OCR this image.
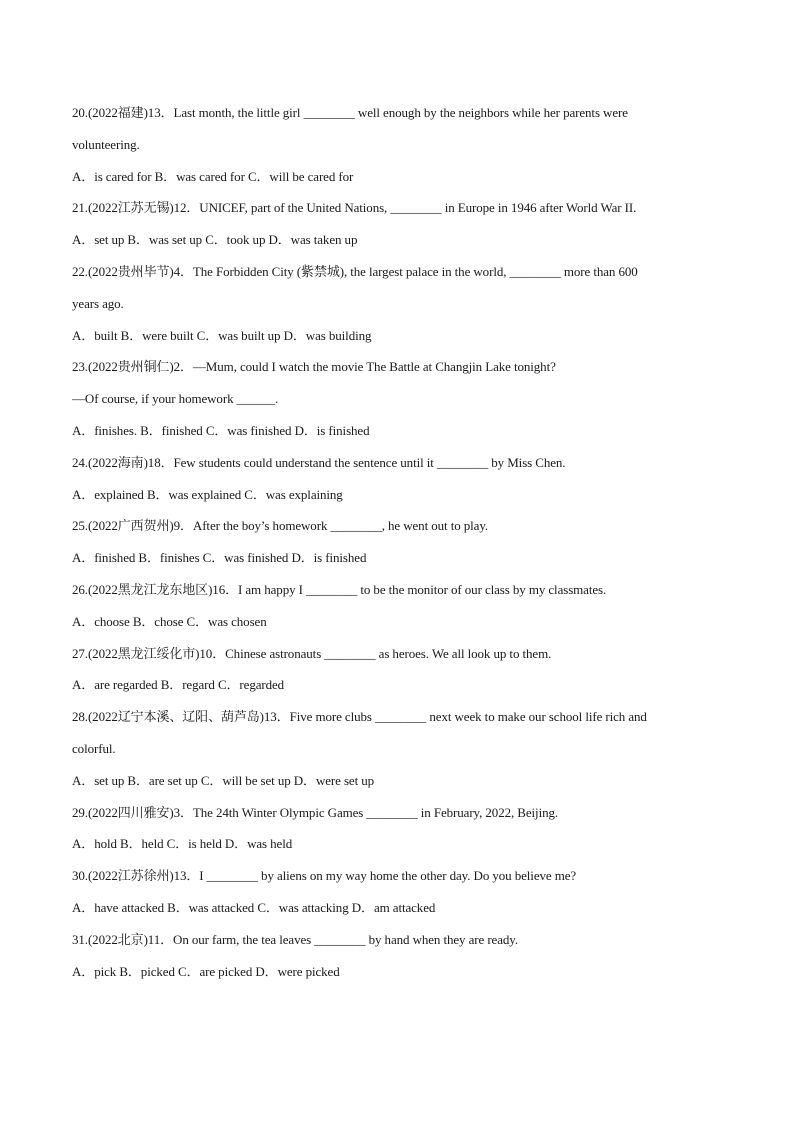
20.(2022福建)13．Last month, the little girl ________ well enough by the neighbors while her parents were
volunteering.
A．is cared for B．was cared for C．will be cared for
21.(2022江苏无锡)12．UNICEF, part of the United Nations, ________ in Europe in 1946 after World War II.
A．set up B．was set up C．took up D．was taken up
22.(2022贵州毕节)4．The Forbidden City (紫禁城), the largest palace in the world, ________ more than 600
years ago.
A．built B．were built C．was built up D．was building
23.(2022贵州铜仁)2．—Mum, could I watch the movie The Battle at Changjin Lake tonight?
—Of course, if your homework ______.
A．finishes. B．finished C．was finished D．is finished
24.(2022海南)18．Few students could understand the sentence until it ________ by Miss Chen.
A．explained B．was explained C．was explaining
25.(2022广西贺州)9．After the boy’s homework ________, he went out to play.
A．finished B．finishes C．was finished D．is finished
26.(2022黑龙江龙东地区)16．I am happy I ________ to be the monitor of our class by my classmates.
A．choose B．chose C．was chosen
27.(2022黑龙江绥化市)10．Chinese astronauts ________ as heroes. We all look up to them.
A．are regarded B．regard C．regarded
28.(2022辽宁本溪、辽阳、葫芦岛)13．Five more clubs ________ next week to make our school life rich and
colorful.
A．set up B．are set up C．will be set up D．were set up
29.(2022四川雅安)3．The 24th Winter Olympic Games ________ in February, 2022, Beijing.
A．hold B．held C．is held D．was held
30.(2022江苏徐州)13．I ________ by aliens on my way home the other day. Do you believe me?
A．have attacked B．was attacked C．was attacking D．am attacked
31.(2022北京)11．On our farm, the tea leaves ________ by hand when they are ready.
A．pick B．picked C．are picked D．were picked
